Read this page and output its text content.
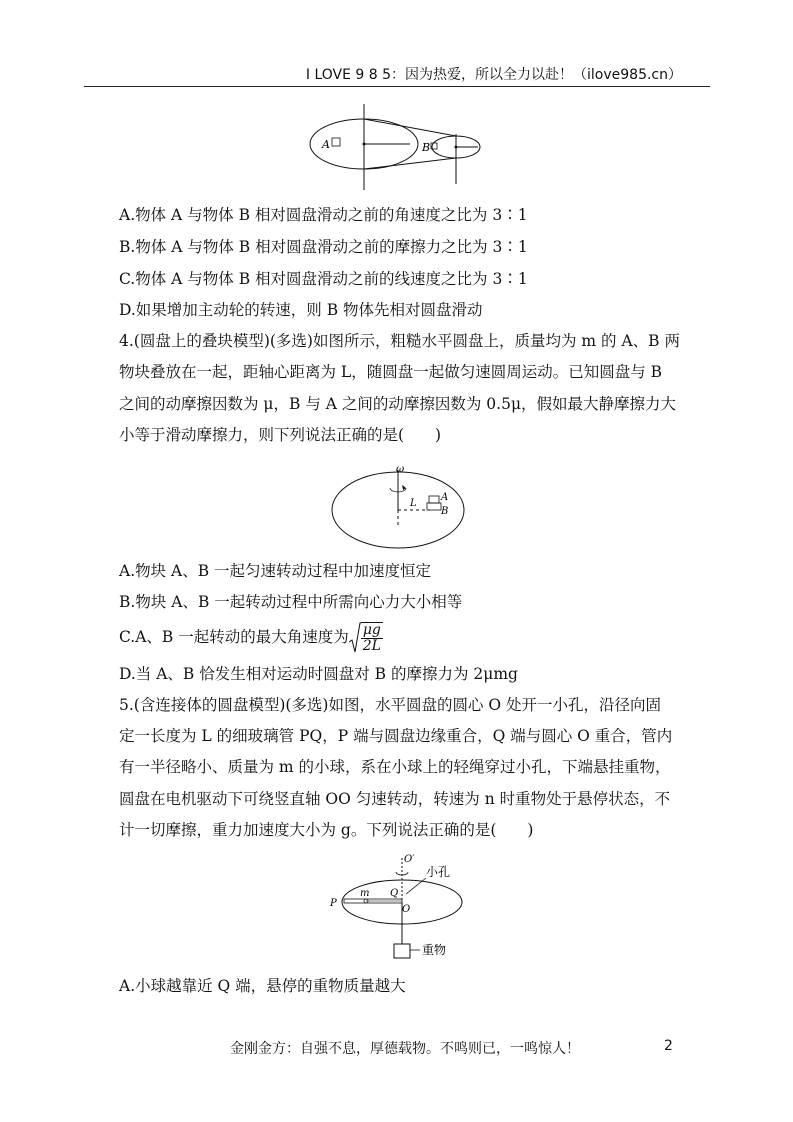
I LOVE 9 8 5：因为热爱，所以全力以赴！（ilove985.cn）
A	B
A.物体 A 与物体 B 相对圆盘滑动之前的角速度之比为 3∶1
B.物体 A 与物体 B 相对圆盘滑动之前的摩擦力之比为 3∶1
C.物体 A 与物体 B 相对圆盘滑动之前的线速度之比为 3∶1
D.如果增加主动轮的转速，则 B 物体先相对圆盘滑动
4.(圆盘上的叠块模型)(多选)如图所示，粗糙水平圆盘上，质量均为 m 的 A、B 两
物块叠放在一起，距轴心距离为 L，随圆盘一起做匀速圆周运动。已知圆盘与 B
之间的动摩擦因数为 μ，B 与 A 之间的动摩擦因数为 0.5μ，假如最大静摩擦力大
小等于滑动摩擦力，则下列说法正确的是(　　)
ω
L
A
B
A.物块 A、B 一起匀速转动过程中加速度恒定
B.物块 A、B 一起转动过程中所需向心力大小相等
C.A、B 一起转动的最大角速度为 $\frac{\mu g}{2L}$
D.当 A、B 恰发生相对运动时圆盘对 B 的摩擦力为 2μmg
5.(含连接体的圆盘模型)(多选)如图，水平圆盘的圆心 O 处开一小孔，沿径向固
定一长度为 L 的细玻璃管 PQ，P 端与圆盘边缘重合，Q 端与圆心 O 重合，管内
有一半径略小、质量为 m 的小球，系在小球上的轻绳穿过小孔，下端悬挂重物，
圆盘在电机驱动下可绕竖直轴 OO 匀速转动，转速为 n 时重物处于悬停状态，不
计一切摩擦，重力加速度大小为 g。下列说法正确的是(　　)
O′
小孔
m Q
P
O
重物
A.小球越靠近 Q 端，悬停的重物质量越大
金刚金方：自强不息，厚德载物。不鸣则已，一鸣惊人！	2
